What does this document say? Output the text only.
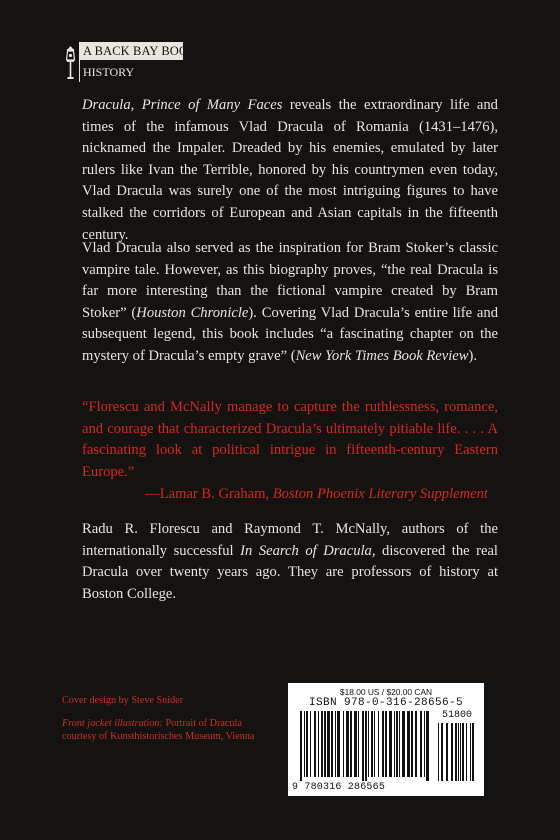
A BACK BAY BOOK
HISTORY
Dracula, Prince of Many Faces reveals the extraordinary life and times of the infamous Vlad Dracula of Romania (1431–1476), nicknamed the Impaler. Dreaded by his enemies, emulated by later rulers like Ivan the Terrible, honored by his countrymen even today, Vlad Dracula was surely one of the most intriguing figures to have stalked the corridors of European and Asian capitals in the fifteenth century.
Vlad Dracula also served as the inspiration for Bram Stoker’s classic vampire tale. However, as this biography proves, “the real Dracula is far more interesting than the fictional vampire created by Bram Stoker” (Houston Chronicle). Covering Vlad Dracula’s entire life and subsequent legend, this book includes “a fascinating chapter on the mystery of Dracula’s empty grave” (New York Times Book Review).
“Florescu and McNally manage to capture the ruthlessness, romance, and courage that characterized Dracula’s ultimately pitiable life. . . . A fascinating look at political intrigue in fifteenth-century Eastern Europe.”
—Lamar B. Graham, Boston Phoenix Literary Supplement
Radu R. Florescu and Raymond T. McNally, authors of the internationally successful In Search of Dracula, discovered the real Dracula over twenty years ago. They are professors of history at Boston College.
Cover design by Steve Snider
Front jacket illustration: Portrait of Dracula courtesy of Kunsthistorisches Museum, Vienna
$18.00 US / $20.00 CAN
ISBN 978-0-316-28656-5
51800
9 780316 286565
